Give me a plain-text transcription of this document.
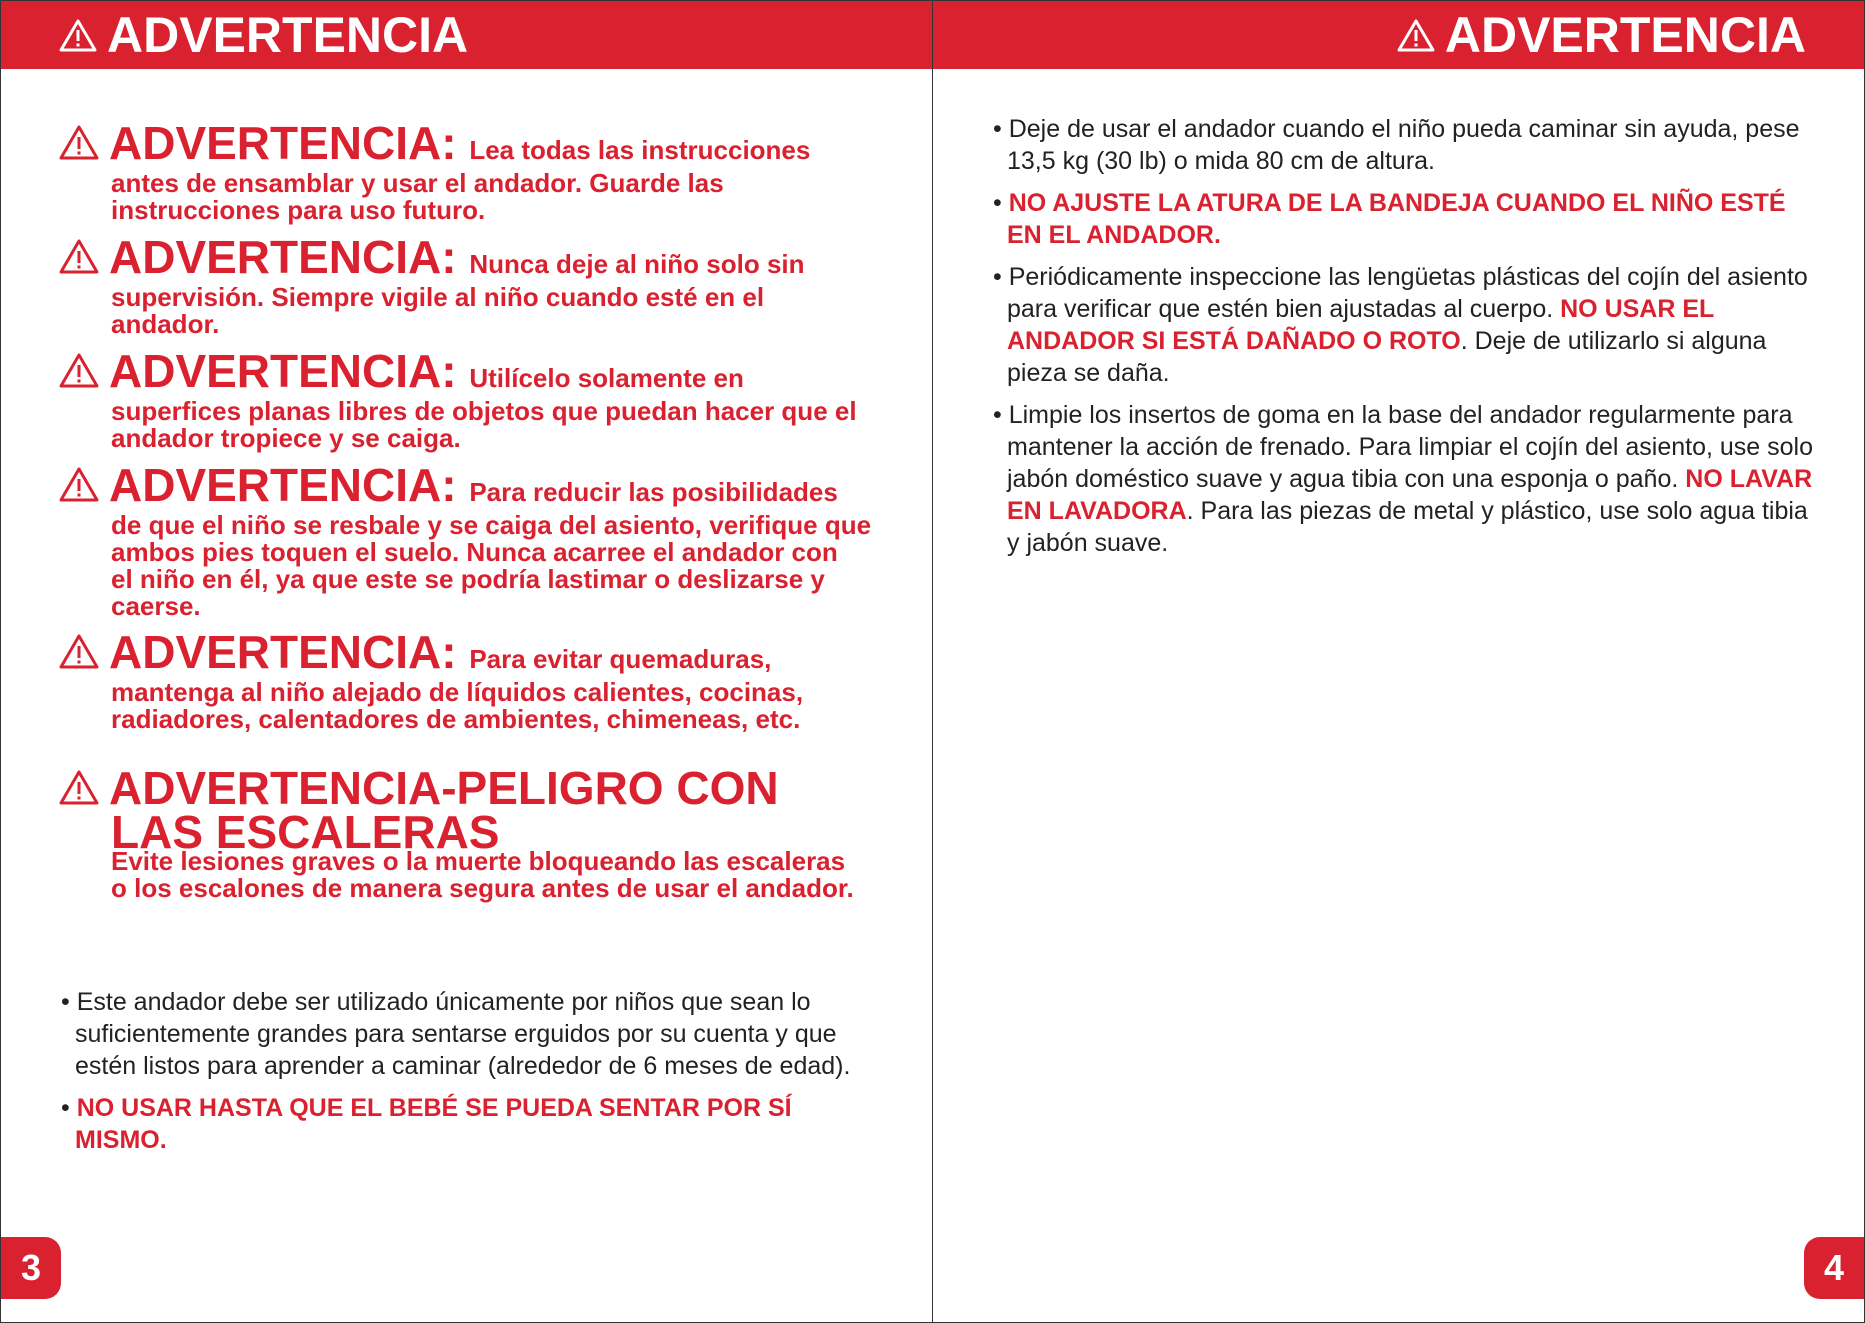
ADVERTENCIA
ADVERTENCIA: Lea todas las instrucciones
antes de ensamblar y usar el andador. Guarde las
instrucciones para uso futuro.
ADVERTENCIA: Nunca deje al niño solo sin
supervisión. Siempre vigile al niño cuando esté en el
andador.
ADVERTENCIA: Utilícelo solamente en
superfices planas libres de objetos que puedan hacer que el
andador tropiece y se caiga.
ADVERTENCIA: Para reducir las posibilidades
de que el niño se resbale y se caiga del asiento, verifique que
ambos pies toquen el suelo. Nunca acarree el andador con
el niño en él, ya que este se podría lastimar o deslizarse y
caerse.
ADVERTENCIA: Para evitar quemaduras,
mantenga al niño alejado de líquidos calientes, cocinas,
radiadores, calentadores de ambientes, chimeneas, etc.
ADVERTENCIA-PELIGRO CON
LAS ESCALERAS
Evite lesiones graves o la muerte bloqueando las escaleras
o los escalones de manera segura antes de usar el andador.

• Este andador debe ser utilizado únicamente por niños que sean lo suficientemente grandes para sentarse erguidos por su cuenta y que estén listos para aprender a caminar (alrededor de 6 meses de edad).

• NO USAR HASTA QUE EL BEBÉ SE PUEDA SENTAR POR SÍ MISMO.

3
ADVERTENCIA

• Deje de usar el andador cuando el niño pueda caminar sin ayuda, pese 13,5 kg (30 lb) o mida 80 cm de altura.

• NO AJUSTE LA ATURA DE LA BANDEJA CUANDO EL NIÑO ESTÉ EN EL ANDADOR.

• Periódicamente inspeccione las lengüetas plásticas del cojín del asiento para verificar que estén bien ajustadas al cuerpo. NO USAR EL ANDADOR SI ESTÁ DAÑADO O ROTO. Deje de utilizarlo si alguna pieza se daña.

• Limpie los insertos de goma en la base del andador regularmente para mantener la acción de frenado. Para limpiar el cojín del asiento, use solo jabón doméstico suave y agua tibia con una esponja o paño. NO LAVAR EN LAVADORA. Para las piezas de metal y plástico, use solo agua tibia y jabón suave.

4
